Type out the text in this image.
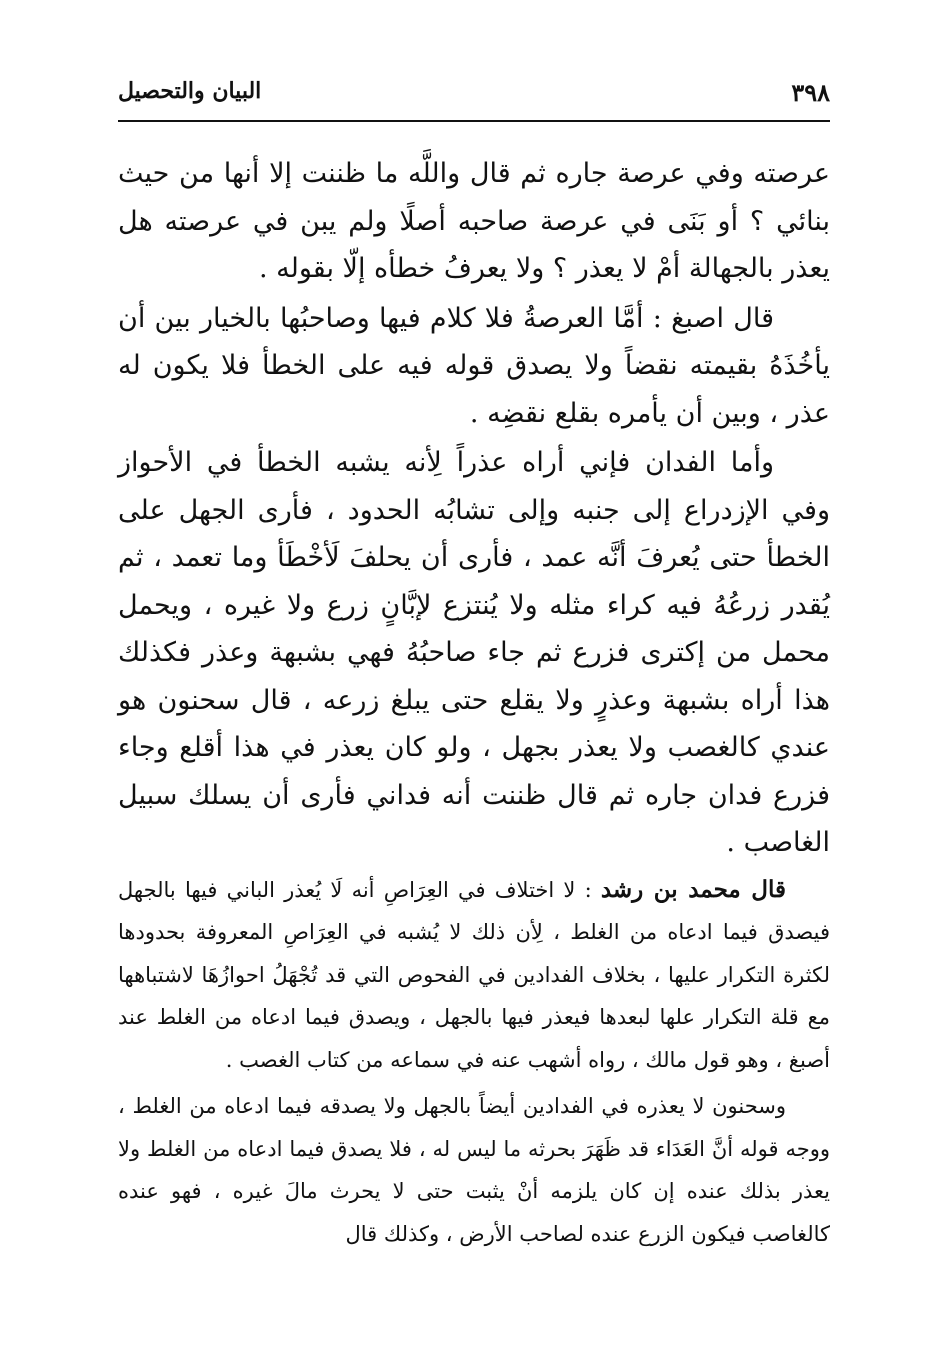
البيان والتحصيل	٣٩٨

عرصته وفي عرصة جاره ثم قال واللَّه ما ظننت إلا أنها من حيث بنائي ؟ أو بَنَى في عرصة صاحبه أصلًا ولم يبن في عرصته هل يعذر بالجهالة أمْ لا يعذر ؟ ولا يعرفُ خطأه إلّا بقوله .

قال اصبغ : أمَّا العرصةُ فلا كلام فيها وصاحبُها بالخيار بين أن يأخُذَهُ بقيمته نقضاً ولا يصدق قوله فيه على الخطأ فلا يكون له عذر ، وبين أن يأمره بقلع نقضِه .

وأما الفدان فإني أراه عذراً لِأنه يشبه الخطأ في الأحواز وفي الإزدراع إلى جنبه وإلى تشابُه الحدود ، فأرى الجهل على الخطأ حتى يُعرفَ أنَّه عمد ، فأرى أن يحلفَ لَأخْطَأ وما تعمد ، ثم يُقدر زرعُهُ فيه كراء مثله ولا يُنتزع لإبَّانٍ زرع ولا غيره ، ويحمل محمل من إكترى فزرع ثم جاء صاحبُهُ فهي بشبهة وعذر فكذلك هذا أراه بشبهة وعذرٍ ولا يقلع حتى يبلغ زرعه ، قال سحنون هو عندي كالغصب ولا يعذر بجهل ، ولو كان يعذر في هذا أقلع وجاء فزرع فدان جاره ثم قال ظننت أنه فداني فأرى أن يسلك سبيل الغاصب .

قال محمد بن رشد : لا اختلاف في العِرَاصِ أنه لَا يُعذر الباني فيها بالجهل فيصدق فيما ادعاه من الغلط ، لِأن ذلك لا يُشبه في العِرَاصِ المعروفة بحدودها لكثرة التكرار عليها ، بخلاف الفدادين في الفحوص التي قد تُجْهَلُ احوازُهَا لاشتباهها مع قلة التكرار علها لبعدها فيعذر فيها بالجهل ، ويصدق فيما ادعاه من الغلط عند أصبغ ، وهو قول مالك ، رواه أشهب عنه في سماعه من كتاب الغصب .

وسحنون لا يعذره في الفدادين أيضاً بالجهل ولا يصدقه فيما ادعاه من الغلط ، ووجه قوله أنَّ العَدَاء قد ظَهَرَ بحرثه ما ليس له ، فلا يصدق فيما ادعاه من الغلط ولا يعذر بذلك عنده إن كان يلزمه أنْ يثبت حتى لا يحرث مالَ غيره ، فهو عنده كالغاصب فيكون الزرع عنده لصاحب الأرض ، وكذلك قال
